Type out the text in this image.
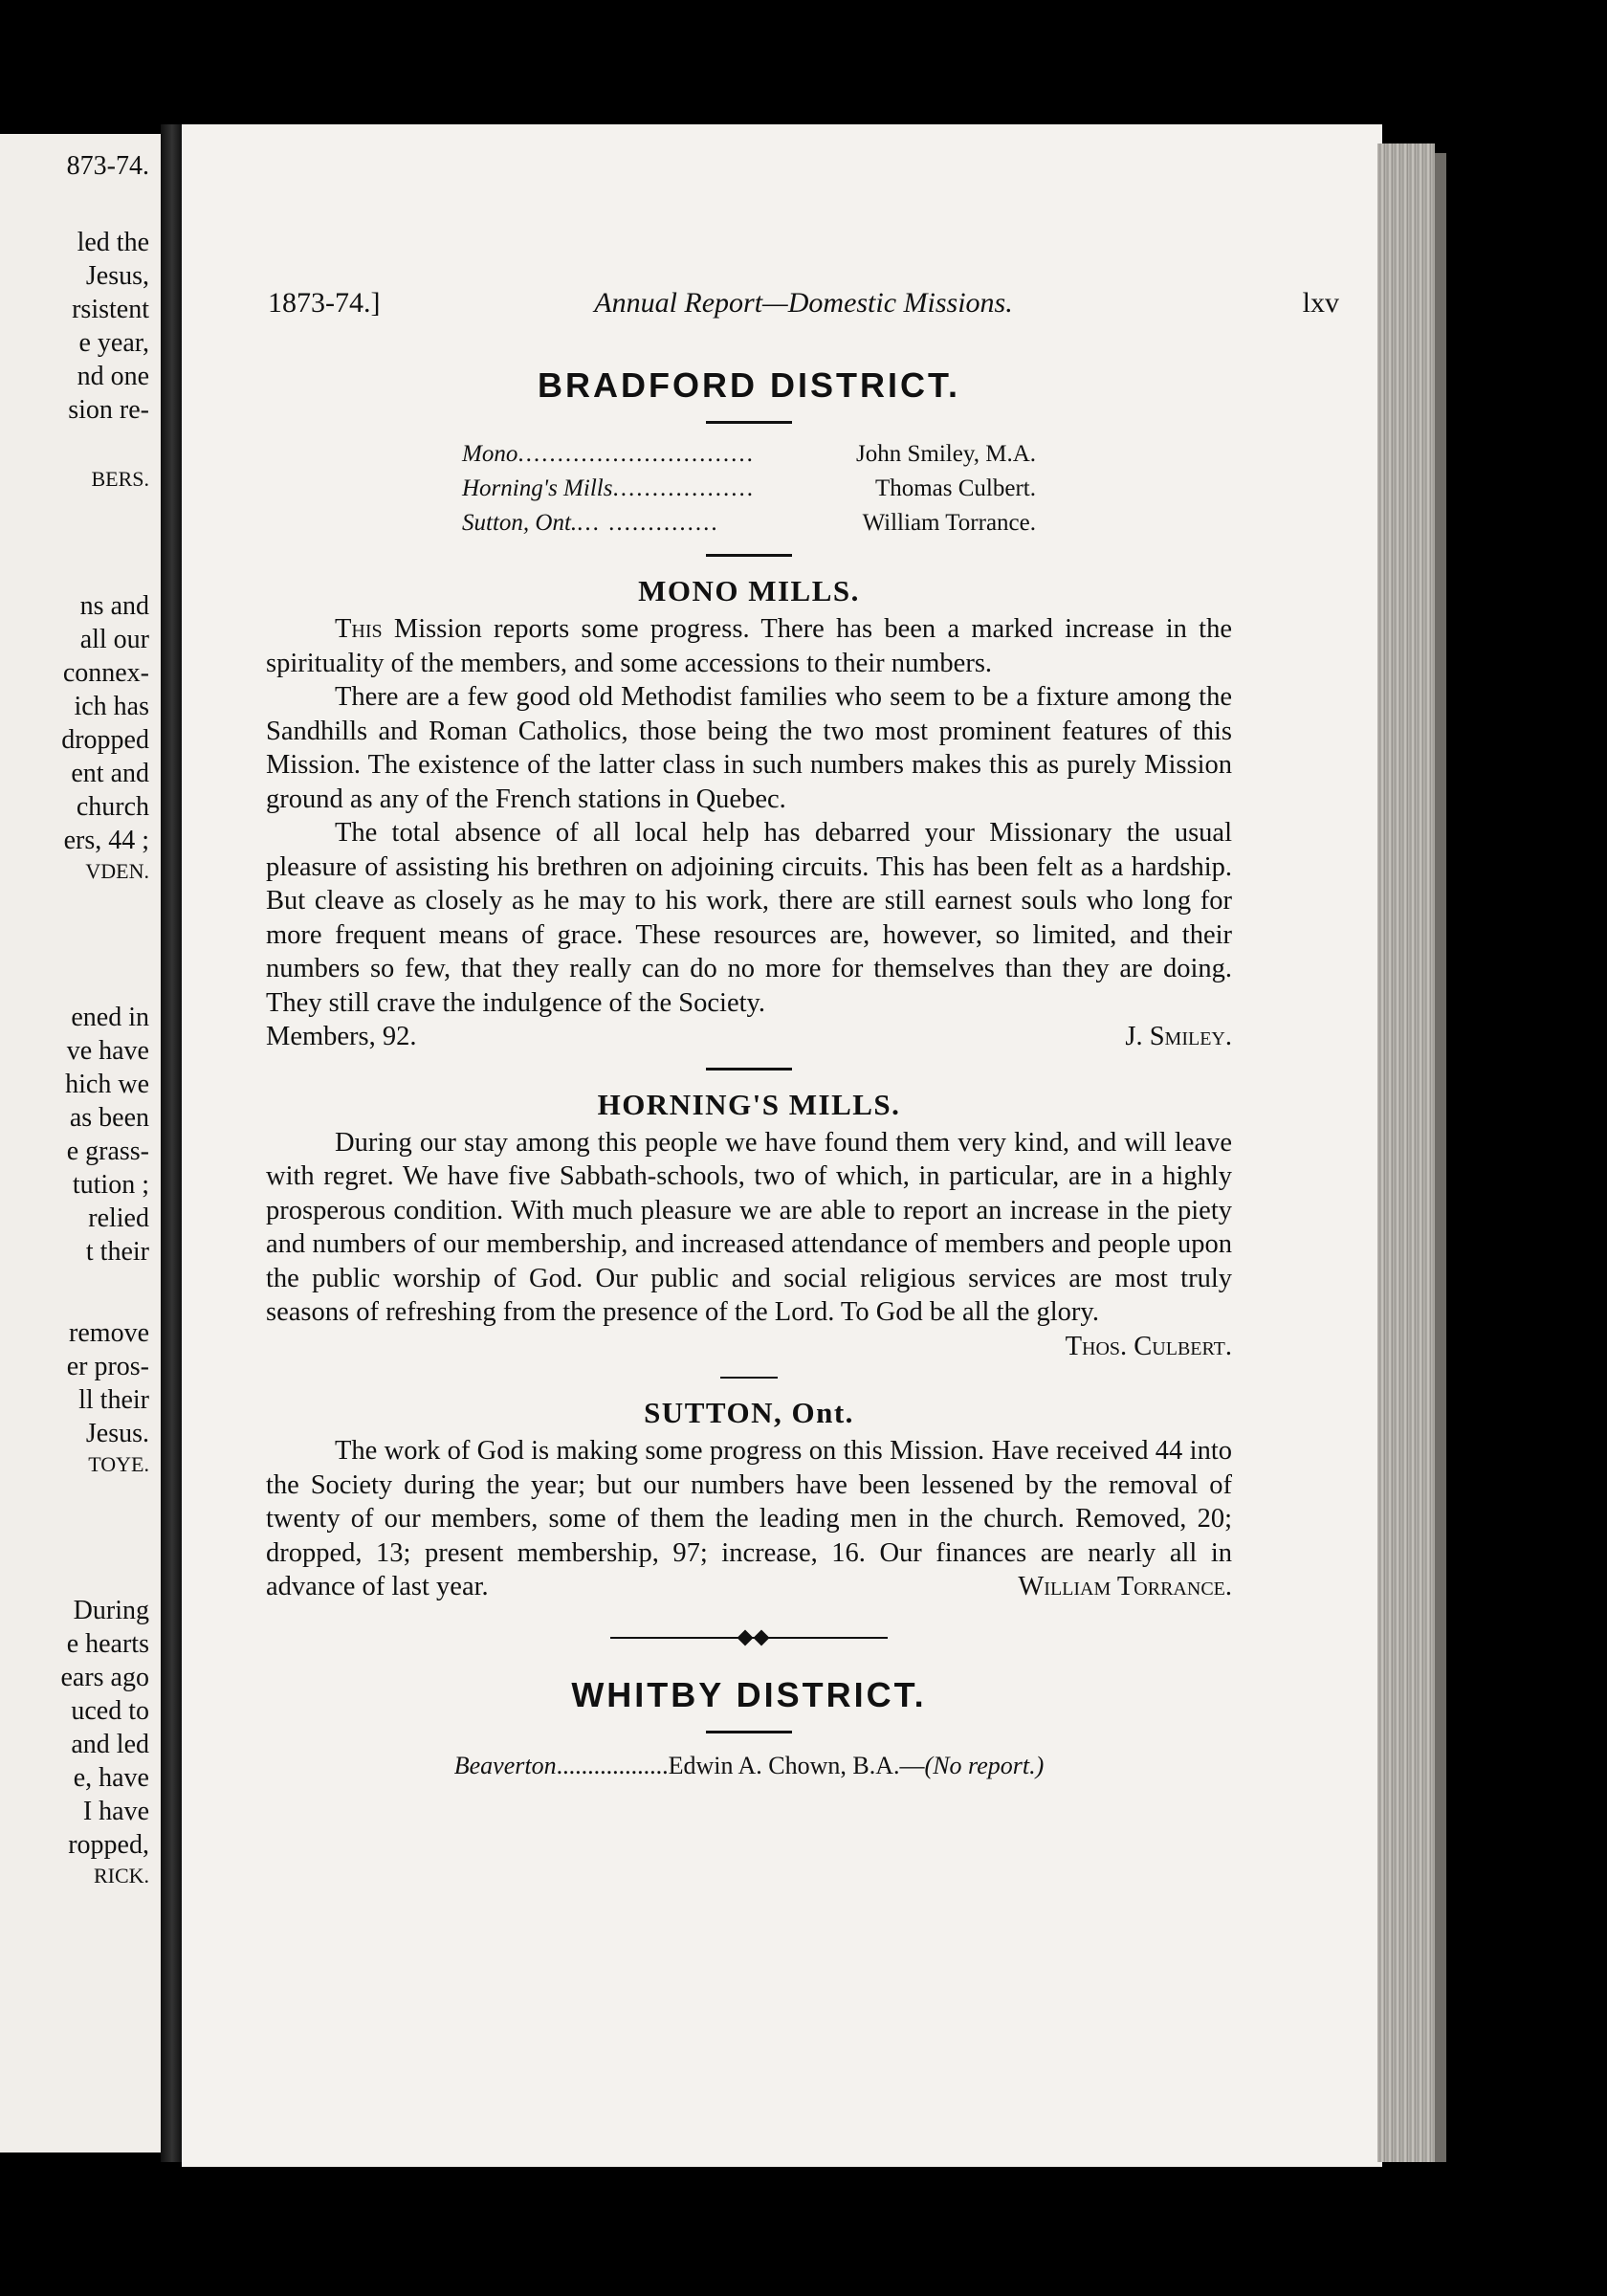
873-74.
led the
Jesus,
rsistent
e year,
nd one
sion re-
BERS.
ns and
all our
connex-
ich has
dropped
ent and
church
ers, 44 ;
VDEN.
ened in
ve have
hich we
as been
e grass-
tution ;
relied
t their
remove
er pros-
ll their
Jesus.
TOYE.
During
e hearts
ears ago
uced to
and led
e, have
I have
ropped,
RICK.
1873-74.]	Annual Report—Domestic Missions.	lxv
BRADFORD DISTRICT.
Mono ..............................	John Smiley, M.A.
Horning's Mills ..................	Thomas Culbert.
Sutton, Ont. ... ..............	William Torrance.
MONO MILLS.

This Mission reports some progress. There has been a marked increase in the spirituality of the members, and some accessions to their numbers.

There are a few good old Methodist families who seem to be a fixture among the Sandhills and Roman Catholics, those being the two most prominent features of this Mission. The existence of the latter class in such numbers makes this as purely Mission ground as any of the French stations in Quebec.

The total absence of all local help has debarred your Missionary the usual pleasure of assisting his brethren on adjoining circuits. This has been felt as a hardship. But cleave as closely as he may to his work, there are still earnest souls who long for more frequent means of grace. These resources are, however, so limited, and their numbers so few, that they really can do no more for themselves than they are doing. They still crave the indulgence of the Society.

Members, 92.	J. Smiley.
HORNING'S MILLS.

During our stay among this people we have found them very kind, and will leave with regret. We have five Sabbath-schools, two of which, in particular, are in a highly prosperous condition. With much pleasure we are able to report an increase in the piety and numbers of our membership, and increased attendance of members and people upon the public worship of God. Our public and social religious services are most truly seasons of refreshing from the presence of the Lord. To God be all the glory.
Thos. Culbert.

SUTTON, Ont.

The work of God is making some progress on this Mission. Have received 44 into the Society during the year; but our numbers have been lessened by the removal of twenty of our members, some of them the leading men in the church. Removed, 20; dropped, 13; present membership, 97; increase, 16. Our finances are nearly all in advance of last year.	William Torrance.

WHITBY DISTRICT.
Beaverton .................. Edwin A. Chown, B.A.— (No report.)
